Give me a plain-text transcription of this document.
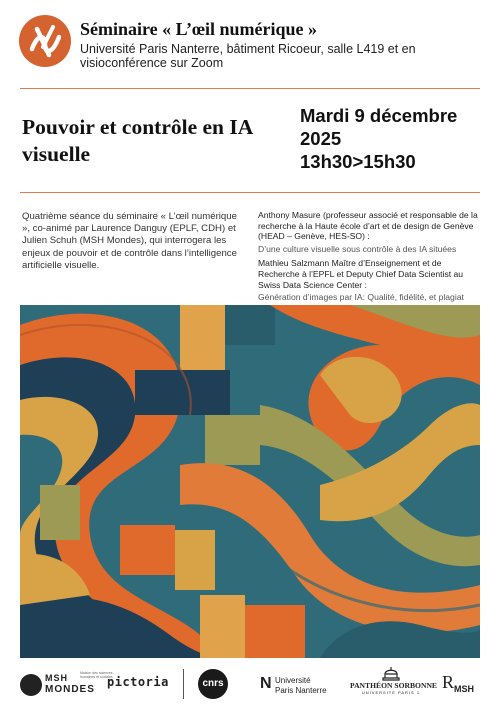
Séminaire « L’œil numérique »
Université Paris Nanterre, bâtiment Ricoeur, salle L419 et en visioconférence sur Zoom
Pouvoir et contrôle en IA visuelle
Mardi 9 décembre
2025
13h30>15h30
Quatrième séance du séminaire « L’œil numérique », co-animé par Laurence Danguy (EPLF, CDH) et Julien Schuh (MSH Mondes), qui interrogera les enjeux de pouvoir et de contrôle dans l’intelligence artificielle visuelle.
Anthony Masure (professeur associé et responsable de la recherche à la Haute école d’art et de design de Genève (HEAD – Genève, HES-SO) :
D’une culture visuelle sous contrôle à des IA situées
Mathieu Salzmann Maître d’Enseignement et de Recherche à l’EPFL et Deputy Chief Data Scientist au Swiss Data Science Center :
Génération d’images par IA: Qualité, fidélité, et plagiat
MSH
MONDES
Maison des sciences humaines et sociales
pictoria	cnrs N Université
Paris Nanterre
PANTHÉON SORBONNE
UNIVERSITÉ PARIS 1
R MSH
